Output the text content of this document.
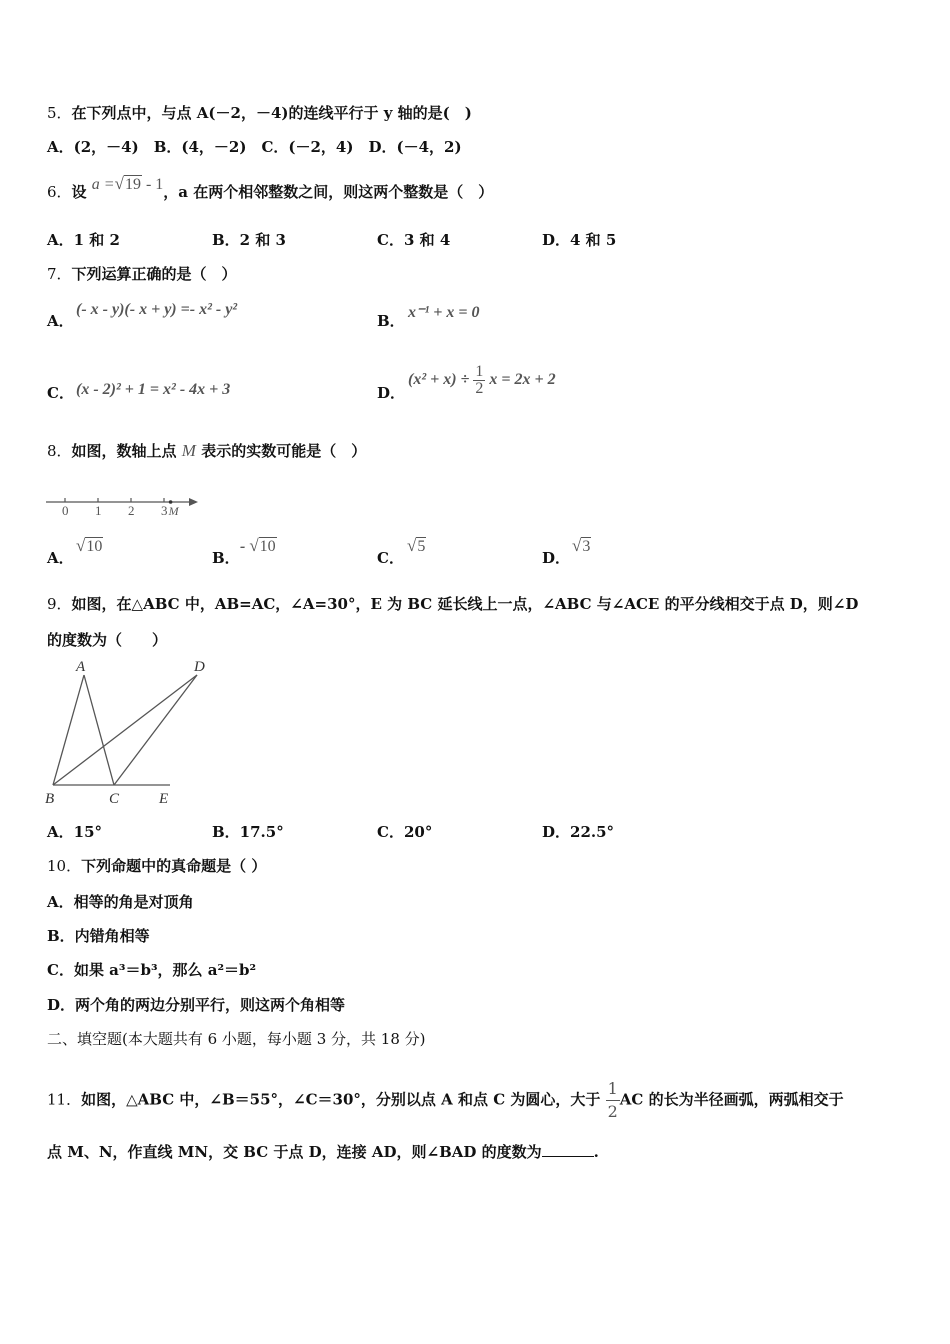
5．在下列点中，与点 A(－2，－4)的连线平行于 y 轴的是(　)
A．(2，－4)　B．(4，－2)　C．(－2，4)　D．(－4，2)
6．设 a =√19 - 1，a 在两个相邻整数之间，则这两个整数是（　）
A．1 和 2	B．2 和 3	C．3 和 4	D．4 和 5
7．下列运算正确的是（　）
A．
(- x - y)(- x + y) =- x² - y²
B． x⁻¹ + x = 0
C． (x - 2)² + 1 = x² - 4x + 3	D．
$(x^2 + x) \div \frac{1}{2}$ x = 2x + 2
8．如图，数轴上点 M 表示的实数可能是（　）
0 1 2 3 M
A．
√10
B．
- √10
C．
√5
D．
√3
9．如图，在△ABC 中，AB=AC，∠A=30°，E 为 BC 延长线上一点，∠ABC 与∠ACE 的平分线相交于点 D，则∠D
的度数为（　　）
A	D
B	C	E
A．15°	B．17.5°	C．20°	D．22.5°
10．下列命题中的真命题是（ ）
A．相等的角是对顶角
B．内错角相等
C．如果 a³＝b³，那么 a²＝b²
D．两个角的两边分别平行，则这两个角相等
二、填空题(本大题共有 6 小题，每小题 3 分，共 18 分)
11．如图，△ABC 中，∠B＝55°，∠C＝30°，分别以点 A 和点 C 为圆心，大于 $\frac{1}{2}$ AC 的长为半径画弧，两弧相交于
点 M、N，作直线 MN，交 BC 于点 D，连接 AD，则∠BAD 的度数为	.
